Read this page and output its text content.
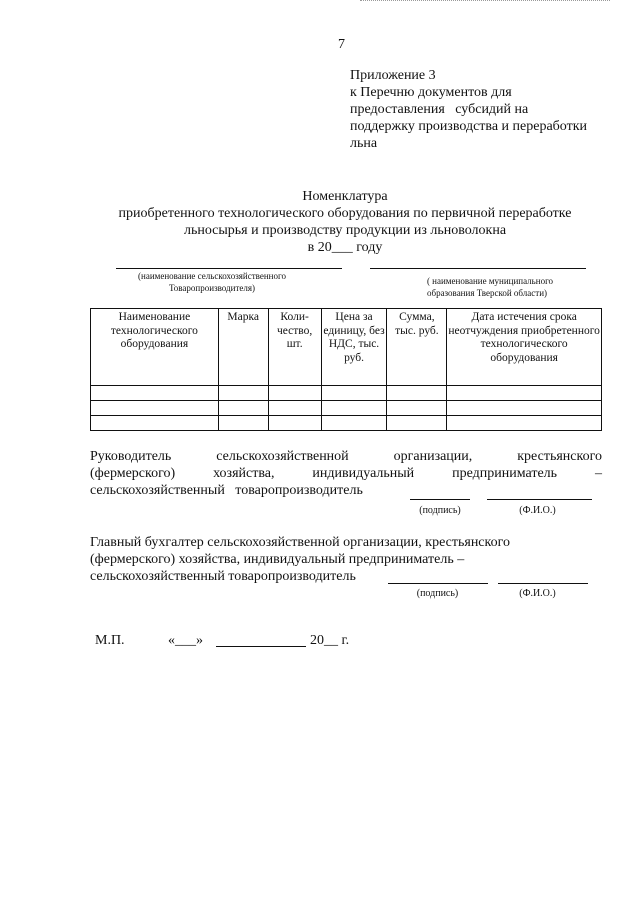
7
Приложение 3
к Перечню документов для
предоставления   субсидий на
поддержку производства и переработки
льна
Номенклатура
приобретенного технологического оборудования по первичной переработке
льносырья и производству продукции из льноволокна
в 20___ году
(наименование сельскохозяйственного
Товаропроизводителя)
( наименование муниципального
образования Тверской области)
Наименование технологического оборудования	Марка	Коли-чество, шт.	Цена за единицу, без НДС, тыс. руб.	Сумма, тыс. руб.	Дата истечения срока неотчуждения приобретенного технологического оборудования

Руководитель	сельскохозяйственной	организации,	крестьянского
(фермерского)	хозяйства,	индивидуальный	предприниматель	–
сельскохозяйственный   товаропроизводитель
(подпись)	(Ф.И.О.)
Главный бухгалтер сельскохозяйственной организации, крестьянского
(фермерского) хозяйства, индивидуальный предприниматель –
сельскохозяйственный товаропроизводитель
(подпись)	(Ф.И.О.)
М.П.	«___»	20__ г.
